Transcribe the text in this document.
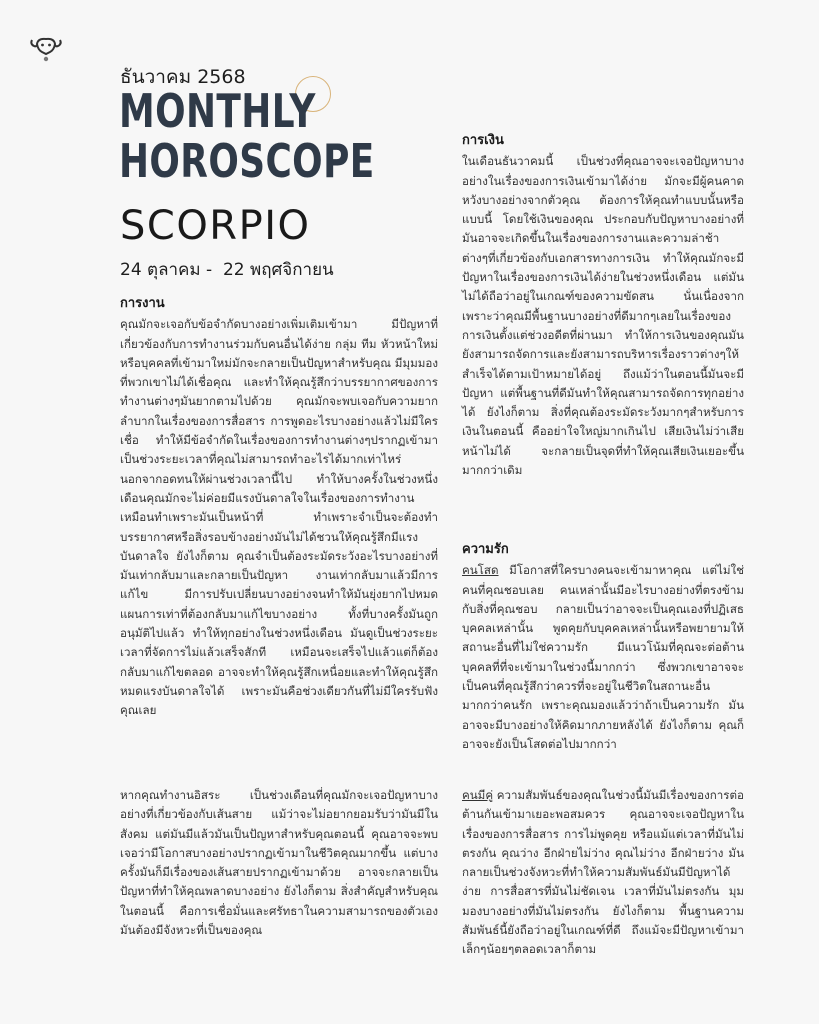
ธันวาคม 2568
MONTHLY
HOROSCOPE
SCORPIO
24 ตุลาคม -  22 พฤศจิกายน
การงาน
คุณมักจะเจอกับข้อจำกัดบางอย่างเพิ่มเติมเข้ามา มีปัญหาที่เกี่ยวข้องกับการทำงานร่วมกับคนอื่นได้ง่าย กลุ่ม ทีม หัวหน้าใหม่ หรือบุคคลที่เข้ามาใหม่มักจะกลายเป็นปัญหาสำหรับคุณ มีมุมมองที่พวกเขาไม่ได้เชื่อคุณ และทำให้คุณรู้สึกว่าบรรยากาศของการทำงานต่างๆมันยากตามไปด้วย คุณมักจะพบเจอกับความยากลำบากในเรื่องของการสื่อสาร การพูดอะไรบางอย่างแล้วไม่มีใครเชื่อ ทำให้มีข้อจำกัดในเรื่องของการทำงานต่างๆปรากฏเข้ามา เป็นช่วงระยะเวลาที่คุณไม่สามารถทำอะไรได้มากเท่าไหร่ นอกจากอดทนให้ผ่านช่วงเวลานี้ไป ทำให้บางครั้งในช่วงหนึ่งเดือนคุณมักจะไม่ค่อยมีแรงบันดาลใจในเรื่องของการทำงาน เหมือนทำเพราะมันเป็นหน้าที่ ทำเพราะจำเป็นจะต้องทำ บรรยากาศหรือสิ่งรอบข้างอย่างมันไม่ได้ชวนให้คุณรู้สึกมีแรงบันดาลใจ ยังไงก็ตาม คุณจำเป็นต้องระมัดระวังอะไรบางอย่างที่มันเท่ากลับมาและกลายเป็นปัญหา งานเท่ากลับมาแล้วมีการแก้ไข มีการปรับเปลี่ยนบางอย่างจนทำให้มันยุ่งยากไปหมด แผนการเท่าที่ต้องกลับมาแก้ไขบางอย่าง ทั้งที่บางครั้งมันถูกอนุมัติไปแล้ว ทำให้ทุกอย่างในช่วงหนึ่งเดือน มันดูเป็นช่วงระยะเวลาที่จัดการไม่แล้วเสร็จสักที เหมือนจะเสร็จไปแล้วแต่ก็ต้องกลับมาแก้ไขตลอด อาจจะทำให้คุณรู้สึกเหนื่อยและทำให้คุณรู้สึกหมดแรงบันดาลใจได้ เพราะมันคือช่วงเดียวกันที่ไม่มีใครรับฟังคุณเลย
หากคุณทำงานอิสระ เป็นช่วงเดือนที่คุณมักจะเจอปัญหาบางอย่างที่เกี่ยวข้องกับเส้นสาย แม้ว่าจะไม่อยากยอมรับว่ามันมีในสังคม แต่มันมีแล้วมันเป็นปัญหาสำหรับคุณตอนนี้ คุณอาจจะพบเจอว่ามีโอกาสบางอย่างปรากฏเข้ามาในชีวิตคุณมากขึ้น แต่บางครั้งมันก็มีเรื่องของเส้นสายปรากฏเข้ามาด้วย อาจจะกลายเป็นปัญหาที่ทำให้คุณพลาดบางอย่าง ยังไงก็ตาม สิ่งสำคัญสำหรับคุณในตอนนี้ คือการเชื่อมั่นและศรัทธาในความสามารถของตัวเอง มันต้องมีจังหวะที่เป็นของคุณ
การเงิน
ในเดือนธันวาคมนี้ เป็นช่วงที่คุณอาจจะเจอปัญหาบางอย่างในเรื่องของการเงินเข้ามาได้ง่าย มักจะมีผู้คนคาดหวังบางอย่างจากตัวคุณ ต้องการให้คุณทำแบบนั้นหรือแบบนี้ โดยใช้เงินของคุณ ประกอบกับปัญหาบางอย่างที่มันอาจจะเกิดขึ้นในเรื่องของการงานและความล่าช้าต่างๆที่เกี่ยวข้องกับเอกสารทางการเงิน ทำให้คุณมักจะมีปัญหาในเรื่องของการเงินได้ง่ายในช่วงหนึ่งเดือน แต่มันไม่ได้ถือว่าอยู่ในเกณฑ์ของความขัดสน นั่นเนื่องจากเพราะว่าคุณมีพื้นฐานบางอย่างที่ดีมากๆเลยในเรื่องของการเงินตั้งแต่ช่วงอดีตที่ผ่านมา ทำให้การเงินของคุณมันยังสามารถจัดการและยังสามารถบริหารเรื่องราวต่างๆให้สำเร็จได้ตามเป้าหมายได้อยู่ ถึงแม้ว่าในตอนนี้มันจะมีปัญหา แต่พื้นฐานที่ดีมันทำให้คุณสามารถจัดการทุกอย่างได้ ยังไงก็ตาม สิ่งที่คุณต้องระมัดระวังมากๆสำหรับการเงินในตอนนี้ คืออย่าใจใหญ่มากเกินไป เสียเงินไม่ว่าเสียหน้าไม่ได้ จะกลายเป็นจุดที่ทำให้คุณเสียเงินเยอะขึ้นมากกว่าเดิม
ความรัก
คนโสด มีโอกาสที่ใครบางคนจะเข้ามาหาคุณ แต่ไม่ใช่คนที่คุณชอบเลย คนเหล่านั้นมีอะไรบางอย่างที่ตรงข้ามกับสิ่งที่คุณชอบ กลายเป็นว่าอาจจะเป็นคุณเองที่ปฏิเสธบุคคลเหล่านั้น พูดคุยกับบุคคลเหล่านั้นหรือพยายามให้สถานะอื่นที่ไม่ใช่ความรัก มีแนวโน้มที่คุณจะต่อต้านบุคคลที่ที่จะเข้ามาในช่วงนี้มากกว่า ซึ่งพวกเขาอาจจะเป็นคนที่คุณรู้สึกว่าควรที่จะอยู่ในชีวิตในสถานะอื่นมากกว่าคนรัก เพราะคุณมองแล้วว่าถ้าเป็นความรัก มันอาจจะมีบางอย่างให้คิดมากภายหลังได้ ยังไงก็ตาม คุณก็อาจจะยังเป็นโสดต่อไปมากกว่า
คนมีคู่ ความสัมพันธ์ของคุณในช่วงนี้มันมีเรื่องของการต่อต้านกันเข้ามาเยอะพอสมควร คุณอาจจะเจอปัญหาในเรื่องของการสื่อสาร การไม่พูดคุย หรือแม้แต่เวลาที่มันไม่ตรงกัน คุณว่าง อีกฝ่ายไม่ว่าง คุณไม่ว่าง อีกฝ่ายว่าง มันกลายเป็นช่วงจังหวะที่ทำให้ความสัมพันธ์มันมีปัญหาได้ง่าย การสื่อสารที่มันไม่ชัดเจน เวลาที่มันไม่ตรงกัน มุมมองบางอย่างที่มันไม่ตรงกัน ยังไงก็ตาม พื้นฐานความสัมพันธ์นี้ยังถือว่าอยู่ในเกณฑ์ที่ดี ถึงแม้จะมีปัญหาเข้ามาเล็กๆน้อยๆตลอดเวลาก็ตาม
